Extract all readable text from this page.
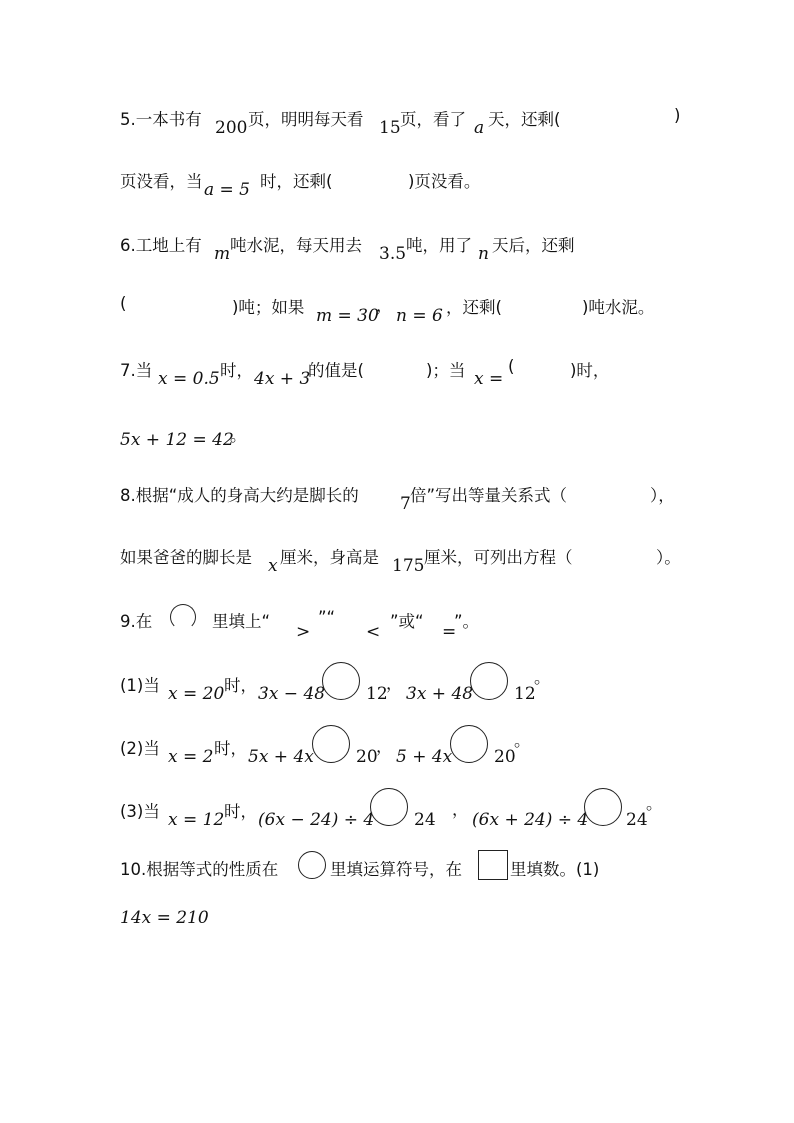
5.一本书有 200 页，明明每天看 15 页，看了 a 天，还剩(	)
页没看，当 a = 5 时，还剩(	)页没看。
6.工地上有 m 吨水泥，每天用去 3.5 吨，用了 n 天后，还剩
(	)吨；如果 m = 30
，
n = 6 ，还剩(	)吨水泥。
7.当 x = 0.5 时， 4x + 3
的值是(	)；当 x =
(	)时，
5x + 12 = 42
。
8.根据“成人的身高大约是脚长的 7 倍”写出等量关系式（	），
如果爸爸的脚长是 x 厘米，身高是 175 厘米，可列出方程（	）。
9.在	里填上“
>
”“
<
”或“
=
”。
(1)当 x = 20 时， 3x − 48 12
，
3x + 48 12
。
(2)当 x = 2 时， 5x + 4x 20
，
5 + 4x 20
。
(3)当 x = 12 时， (6x − 24) ÷ 4 24
，
(6x + 24) ÷ 4 24
。
10.根据等式的性质在	里填运算符号，在	里填数。(1)
14x = 210
